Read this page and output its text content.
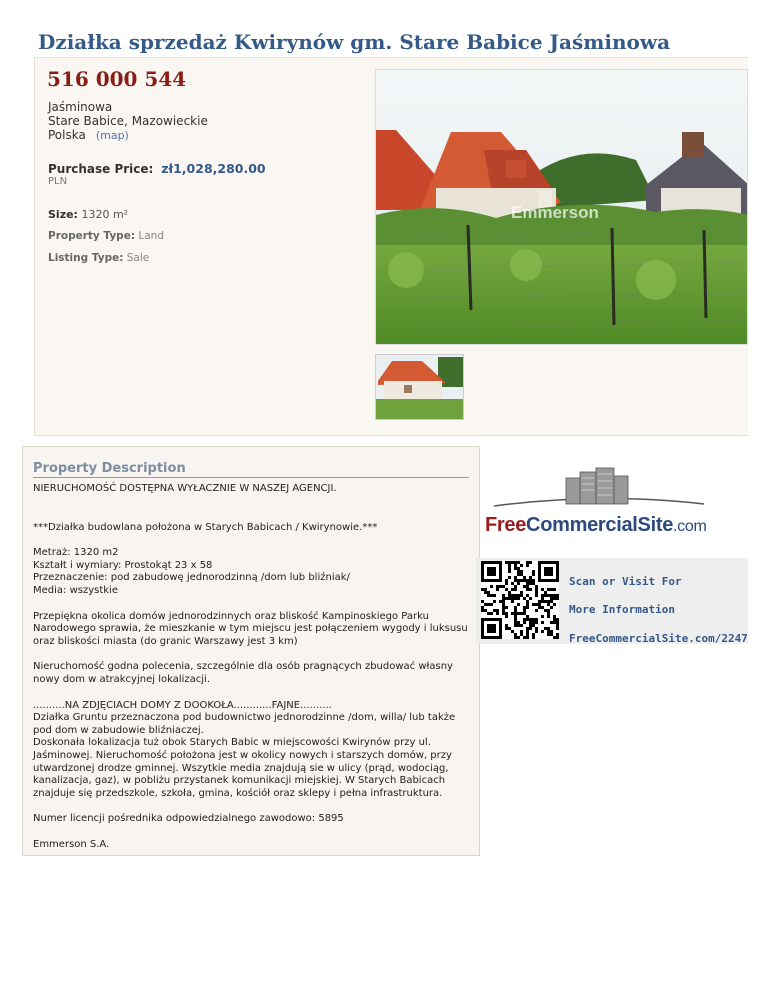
Działka sprzedaż Kwirynów gm. Stare Babice Jaśminowa
516 000 544
Jaśminowa
Stare Babice, Mazowieckie
Polska (map)
Purchase Price: zł1,028,280.00
PLN
Size: 1320 m²
Property Type: Land
Listing Type: Sale
Emmerson
Property Description

NIERUCHOMOŚĆ DOSTĘPNA WYŁACZNIE W NASZEJ AGENCJI.

***Działka budowlana położona w Starych Babicach / Kwirynowie.***

Metraż: 1320 m2

Kształt i wymiary: Prostokąt 23 x 58

Przeznaczenie: pod zabudowę jednorodzinną /dom lub bliźniak/

Media: wszystkie

Przepiękna okolica domów jednorodzinnych oraz bliskość Kampinoskiego Parku Narodowego sprawia, że mieszkanie w tym miejscu jest połączeniem wygody i luksusu oraz bliskości miasta (do granic Warszawy jest 3 km)

Nieruchomość godna polecenia, szczególnie dla osób pragnących zbudować własny nowy dom w atrakcyjnej lokalizacji.

..........NA ZDJĘCIACH DOMY Z DOOKOŁA............FAJNE..........

Działka Gruntu przeznaczona pod budownictwo jednorodzinne /dom, willa/ lub także pod dom w zabudowie bliźniaczej.

Doskonała lokalizacja tuż obok Starych Babic w miejscowości Kwirynów przy ul. Jaśminowej. Nieruchomość położona jest w okolicy nowych i starszych domów, przy utwardzonej drodze gminnej. Wszytkie media znajdują sie w ulicy (prąd, wodociąg, kanalizacja, gaz), w pobliżu przystanek komunikacji miejskiej. W Starych Babicach znajduje się przedszkole, szkoła, gmina, kościół oraz sklepy i pełna infrastruktura.

Numer licencji pośrednika odpowiedzialnego zawodowo: 5895

Emmerson S.A.

FreeCommercialSite.com
Scan or Visit For
More Information
FreeCommercialSite.com/2247
